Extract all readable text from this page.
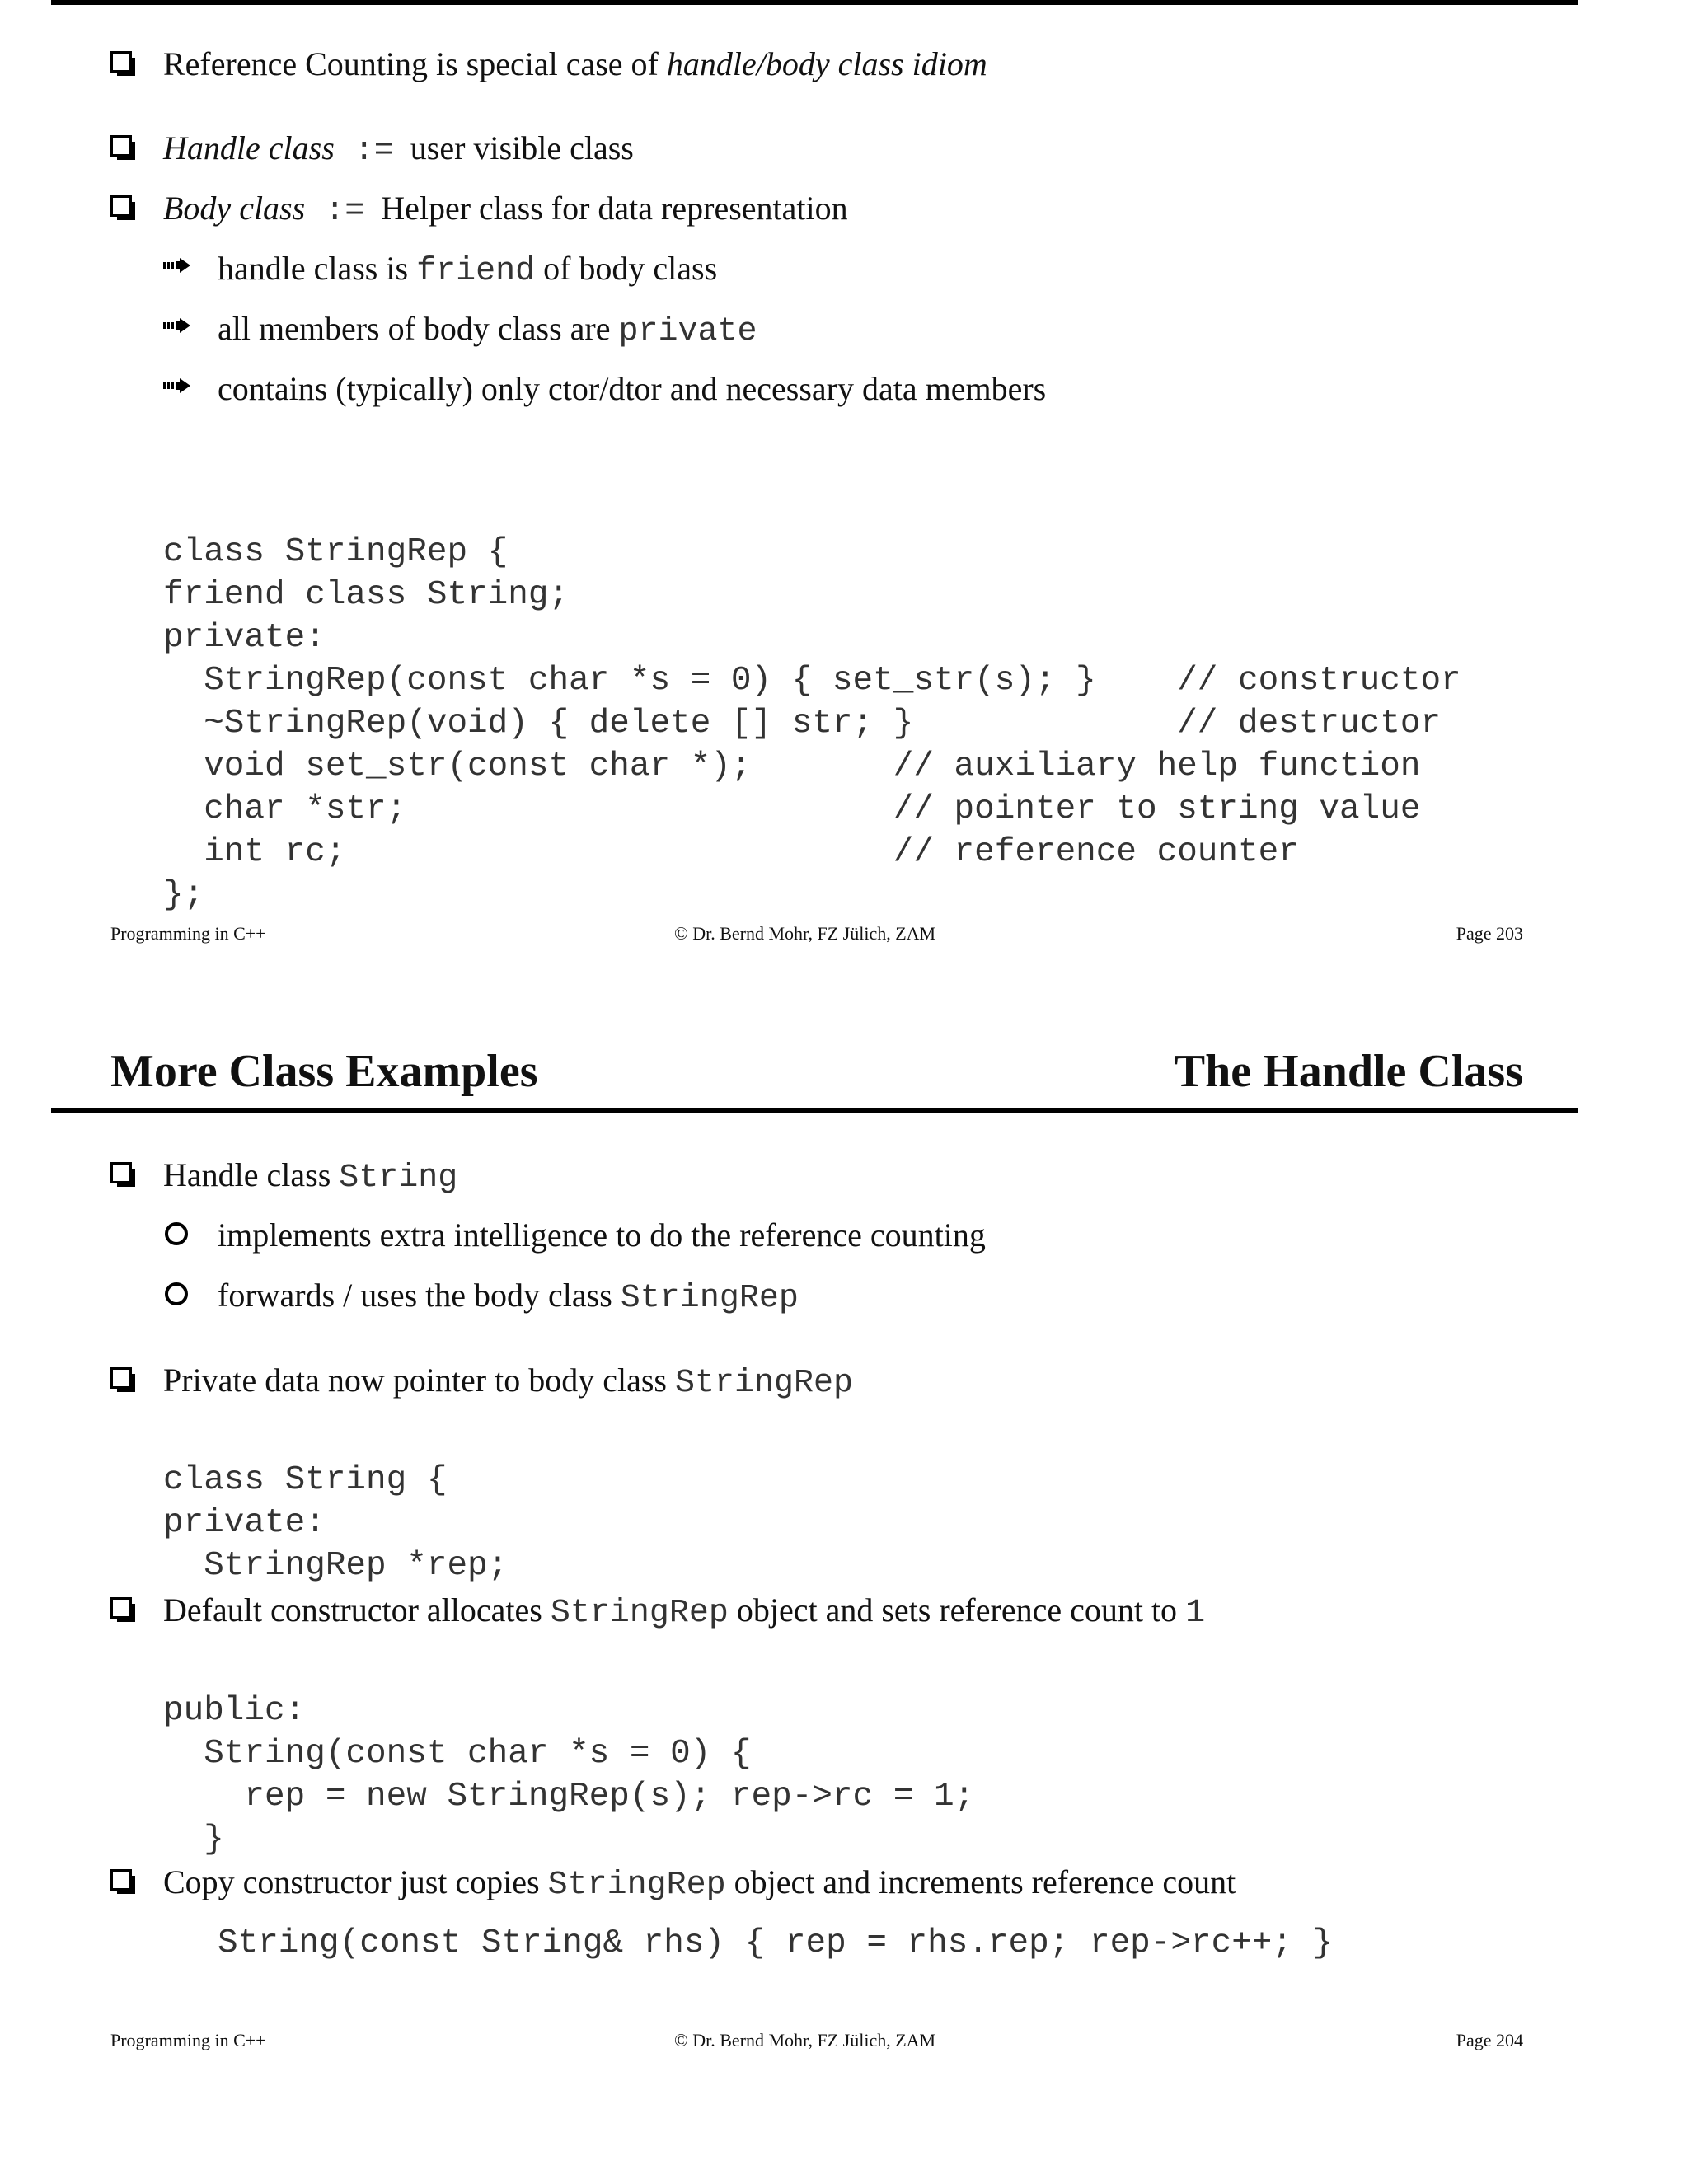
Reference Counting is special case of handle/body class idiom
Handle class := user visible class
Body class := Helper class for data representation
handle class is friend of body class
all members of body class are private
contains (typically) only ctor/dtor and necessary data members

class StringRep {
friend class String;
private:
StringRep(const char *s = 0) { set_str(s); }    // constructor
~StringRep(void) { delete [] str; }             // destructor
void set_str(const char *);       // auxiliary help function
char *str;                        // pointer to string value
int rc;                           // reference counter
};

Programming in C++	© Dr. Bernd Mohr, FZ Jülich, ZAM	Page 203
More Class Examples	The Handle Class
Handle class String
implements extra intelligence to do the reference counting
forwards / uses the body class StringRep
Private data now pointer to body class StringRep

class String {
private:
StringRep *rep;

Default constructor allocates StringRep object and sets reference count to 1

public:
String(const char *s = 0) {
rep = new StringRep(s); rep->rc = 1;
}

Copy constructor just copies StringRep object and increments reference count
String(const String& rhs) { rep = rhs.rep; rep->rc++; }
Programming in C++	© Dr. Bernd Mohr, FZ Jülich, ZAM	Page 204
